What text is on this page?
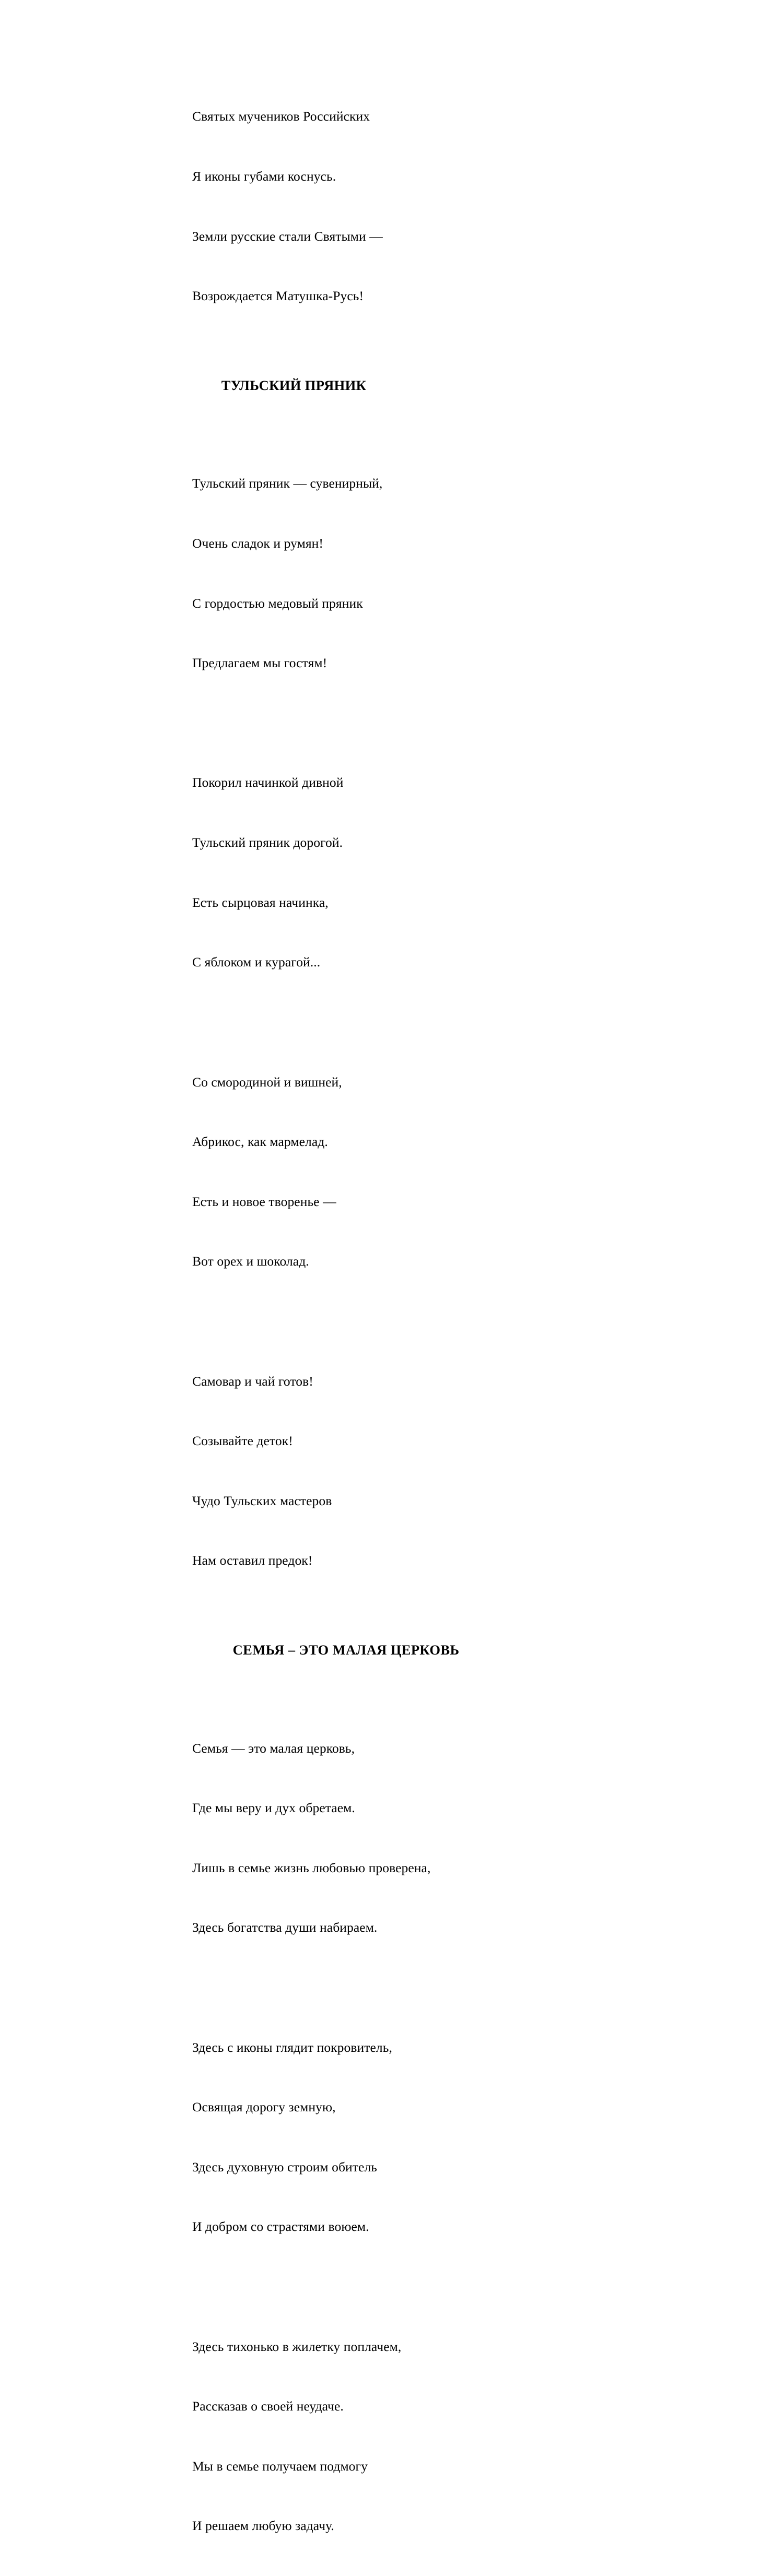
Святых мучеников Российских

Я иконы губами коснусь.

Земли русские стали Святыми —

Возрождается Матушка-Русь!

ТУЛЬСКИЙ ПРЯНИК

Тульский пряник — сувенирный,

Очень сладок и румян!

С гордостью медовый пряник

Предлагаем мы гостям!

Покорил начинкой дивной

Тульский пряник дорогой.

Есть сырцовая начинка,

С яблоком и курагой...

Со смородиной и вишней,

Абрикос, как мармелад.

Есть и новое творенье —

Вот орех и шоколад.

Самовар и чай готов!

Созывайте деток!

Чудо Тульских мастеров

Нам оставил предок!

СЕМЬЯ – ЭТО МАЛАЯ ЦЕРКОВЬ

Семья — это малая церковь,

Где мы веру и дух обретаем.

Лишь в семье жизнь любовью проверена,

Здесь богатства души набираем.

Здесь с иконы глядит покровитель,

Освящая дорогу земную,

Здесь духовную строим обитель

И добром со страстями воюем.

Здесь тихонько в жилетку поплачем,

Рассказав о своей неудаче.

Мы в семье получаем подмогу

И решаем любую задачу.
